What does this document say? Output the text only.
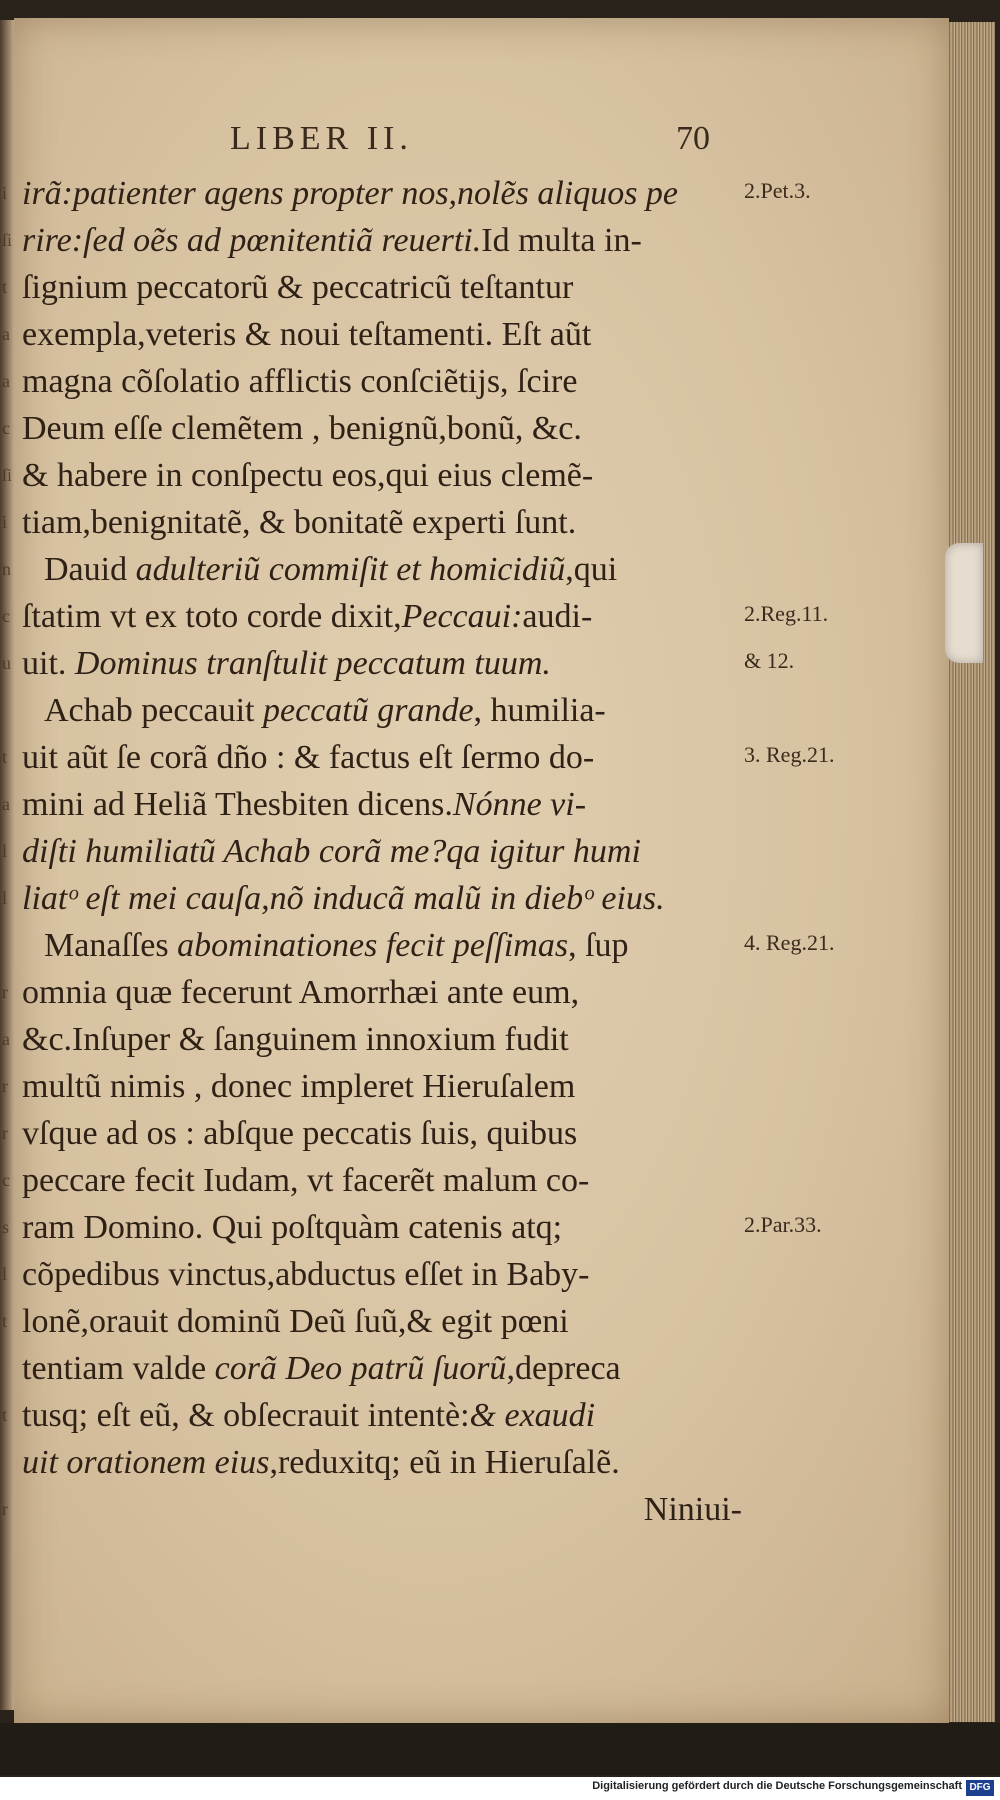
i
ſi
t
a
a
c
ſi
i
n
c
u
t
a
l
l
r
a
r
r
c
s
l
t
t
r
LIBER II.	70
irã:patienter agens propter nos,nolẽs aliquos pe
rire:ſed oẽs ad pœnitentiã reuerti.Id multa in-
ſignium peccatorũ & peccatricũ teſtantur
exempla,veteris & noui teſtamenti. Eſt aũt
magna cõſolatio afflictis conſciẽtijs, ſcire
Deum eſſe clemẽtem , benignũ,bonũ, &c.
& habere in conſpectu eos,qui eius clemẽ-
tiam,benignitatẽ, & bonitatẽ experti ſunt.
Dauid adulteriũ commiſit et homicidiũ,qui
ſtatim vt ex toto corde dixit,Peccaui:audi-
uit. Dominus tranſtulit peccatum tuum.
Achab peccauit peccatũ grande, humilia-
uit aũt ſe corã dño : & factus eſt ſermo do-
mini ad Heliã Thesbiten dicens.Nónne vi-
diſti humiliatũ Achab corã me?qa igitur humi
liatᵒ eſt mei cauſa,nõ inducã malũ in diebᵒ eius.
Manaſſes abominationes fecit peſſimas, ſup
omnia quæ fecerunt Amorrhæi ante eum,
&c.Inſuper & ſanguinem innoxium fudit
multũ nimis , donec impleret Hieruſalem
vſque ad os : abſque peccatis ſuis, quibus
peccare fecit Iudam, vt facerẽt malum co-
ram Domino. Qui poſtquàm catenis atq;
cõpedibus vinctus,abductus eſſet in Baby-
lonẽ,orauit dominũ Deũ ſuũ,& egit pœni
tentiam valde corã Deo patrũ ſuorũ,depreca
tusq; eſt eũ, & obſecrauit intentè:& exaudi
uit orationem eius,reduxitq; eũ in Hieruſalẽ.
Niniui-
2.Pet.3.
2.Reg.11.
& 12.
3. Reg.21.
4. Reg.21.
2.Par.33.
Digitalisierung gefördert durch die Deutsche Forschungsgemeinschaft DFG
